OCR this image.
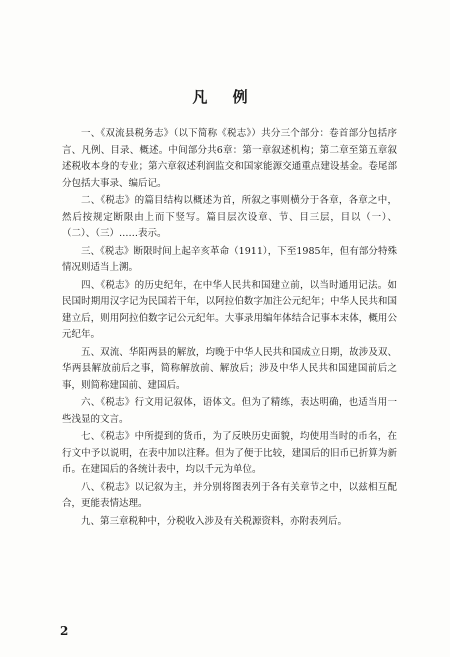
凡 例

一、《双流县税务志》（以下简称《税志》）共分三个部分：卷首部分包括序言、凡例、目录、概述。中间部分共6章：第一章叙述机构；第二章至第五章叙述税收本身的专业；第六章叙述利润监交和国家能源交通重点建设基金。卷尾部分包括大事录、编后记。

二、《税志》的篇目结构以概述为首，所叙之事则横分于各章，各章之中，然后按规定断限由上而下竖写。篇目层次设章、节、目三层，目以（一）、（二）、（三）……表示。

三、《税志》断限时间上起辛亥革命（1911），下至1985年，但有部分特殊情况则适当上溯。

四、《税志》的历史纪年，在中华人民共和国建立前，以当时通用记法。如民国时期用汉字记为民国若干年，以阿拉伯数字加注公元纪年；中华人民共和国建立后，则用阿拉伯数字记公元纪年。大事录用编年体结合记事本末体，概用公元纪年。

五、双流、华阳两县的解放，均晚于中华人民共和国成立日期，故涉及双、华两县解放前后之事，简称解放前、解放后；涉及中华人民共和国建国前后之事，则简称建国前、建国后。

六、《税志》行文用记叙体，语体文。但为了精练，表达明确，也适当用一些浅显的文言。

七、《税志》中所提到的货币，为了反映历史面貌，均使用当时的币名，在行文中予以说明，在表中加以注释。但为了便于比较，建国后的旧币已折算为新币。在建国后的各统计表中，均以千元为单位。

八、《税志》以记叙为主，并分别将图表列于各有关章节之中，以兹相互配合，更能表情达理。

九、第三章税种中，分税收入涉及有关税源资料，亦附表列后。

2
